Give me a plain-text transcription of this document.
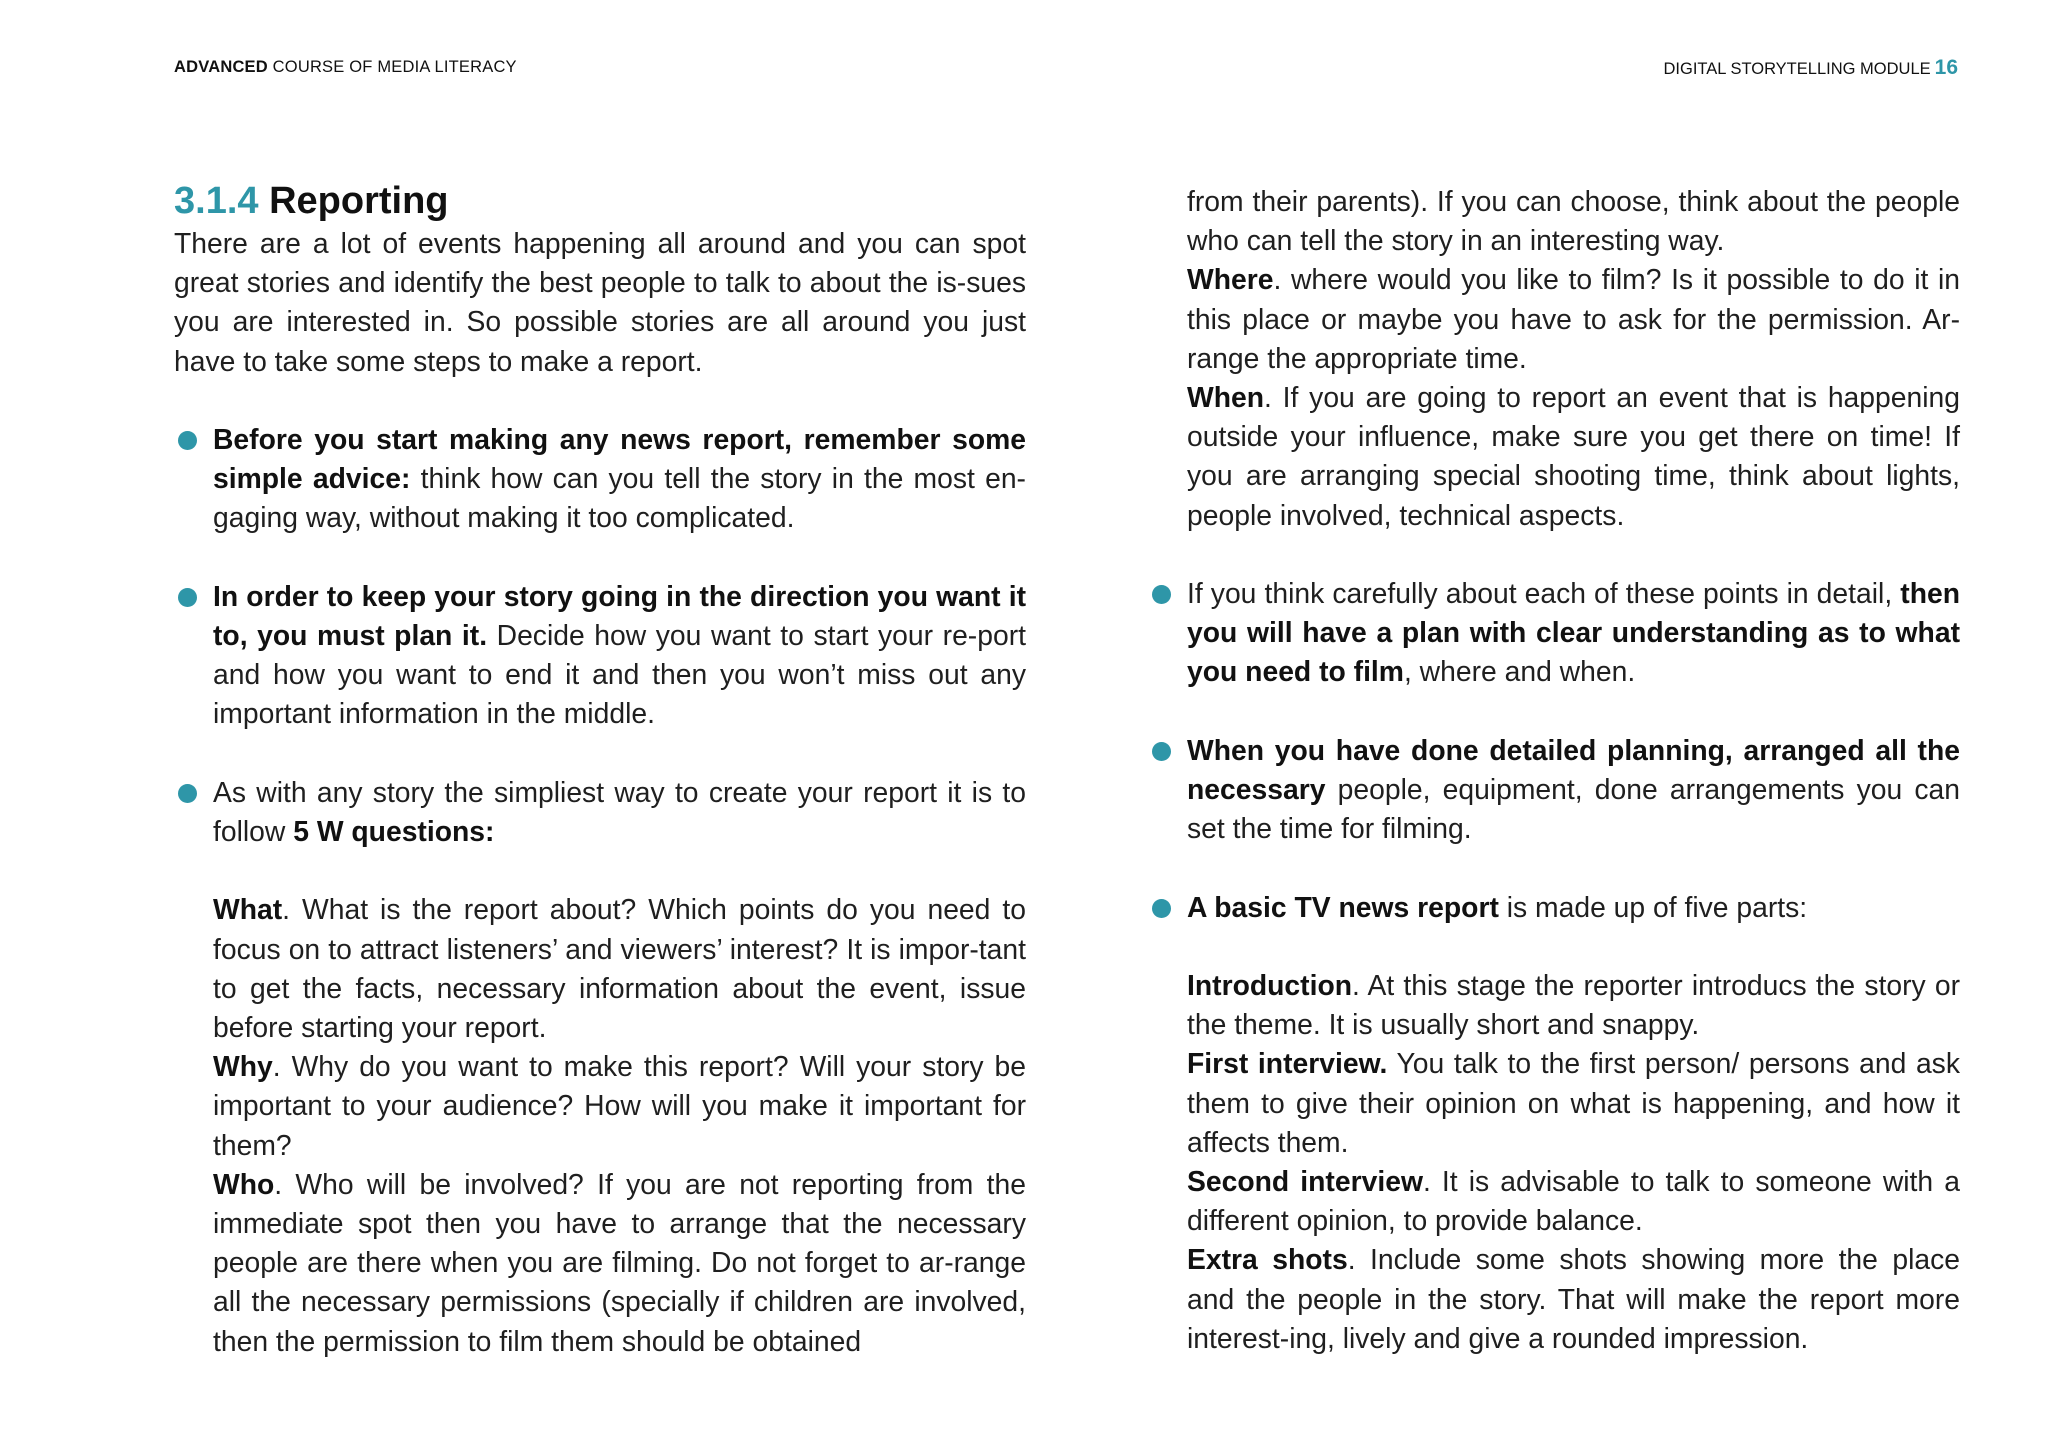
ADVANCED COURSE OF MEDIA LITERACY	DIGITAL STORYTELLING MODULE 16
3.1.4 Reporting

There are a lot of events happening all around and you can spot great stories and identify the best people to talk to about the is-sues you are interested in. So possible stories are all around you just have to take some steps to make a report.

Before you start making any news report, remember some simple advice: think how can you tell the story in the most en-gaging way, without making it too complicated.

In order to keep your story going in the direction you want it to, you must plan it. Decide how you want to start your re-port and how you want to end it and then you won’t miss out any important information in the middle.

As with any story the simpliest way to create your report it is to follow 5 W questions:

What. What is the report about? Which points do you need to focus on to attract listeners’ and viewers’ interest? It is impor-tant to get the facts, necessary information about the event, issue before starting your report.

Why. Why do you want to make this report? Will your story be important to your audience? How will you make it important for them?

Who. Who will be involved? If you are not reporting from the immediate spot then you have to arrange that the necessary people are there when you are filming. Do not forget to ar-range all the necessary permissions (specially if children are involved, then the permission to film them should be obtained

from their parents). If you can choose, think about the people who can tell the story in an interesting way.

Where. where would you like to film? Is it possible to do it in this place or maybe you have to ask for the permission. Ar-range the appropriate time.

When. If you are going to report an event that is happening outside your influence, make sure you get there on time! If you are arranging special shooting time, think about lights, people involved, technical aspects.

If you think carefully about each of these points in detail, then you will have a plan with clear understanding as to what you need to film, where and when.

When you have done detailed planning, arranged all the necessary people, equipment, done arrangements you can set the time for filming.

A basic TV news report is made up of five parts:

Introduction. At this stage the reporter introducs the story or the theme. It is usually short and snappy.

First interview. You talk to the first person/ persons and ask them to give their opinion on what is happening, and how it affects them.

Second interview. It is advisable to talk to someone with a different opinion, to provide balance.

Extra shots. Include some shots showing more the place and the people in the story. That will make the report more interest-ing, lively and give a rounded impression.
